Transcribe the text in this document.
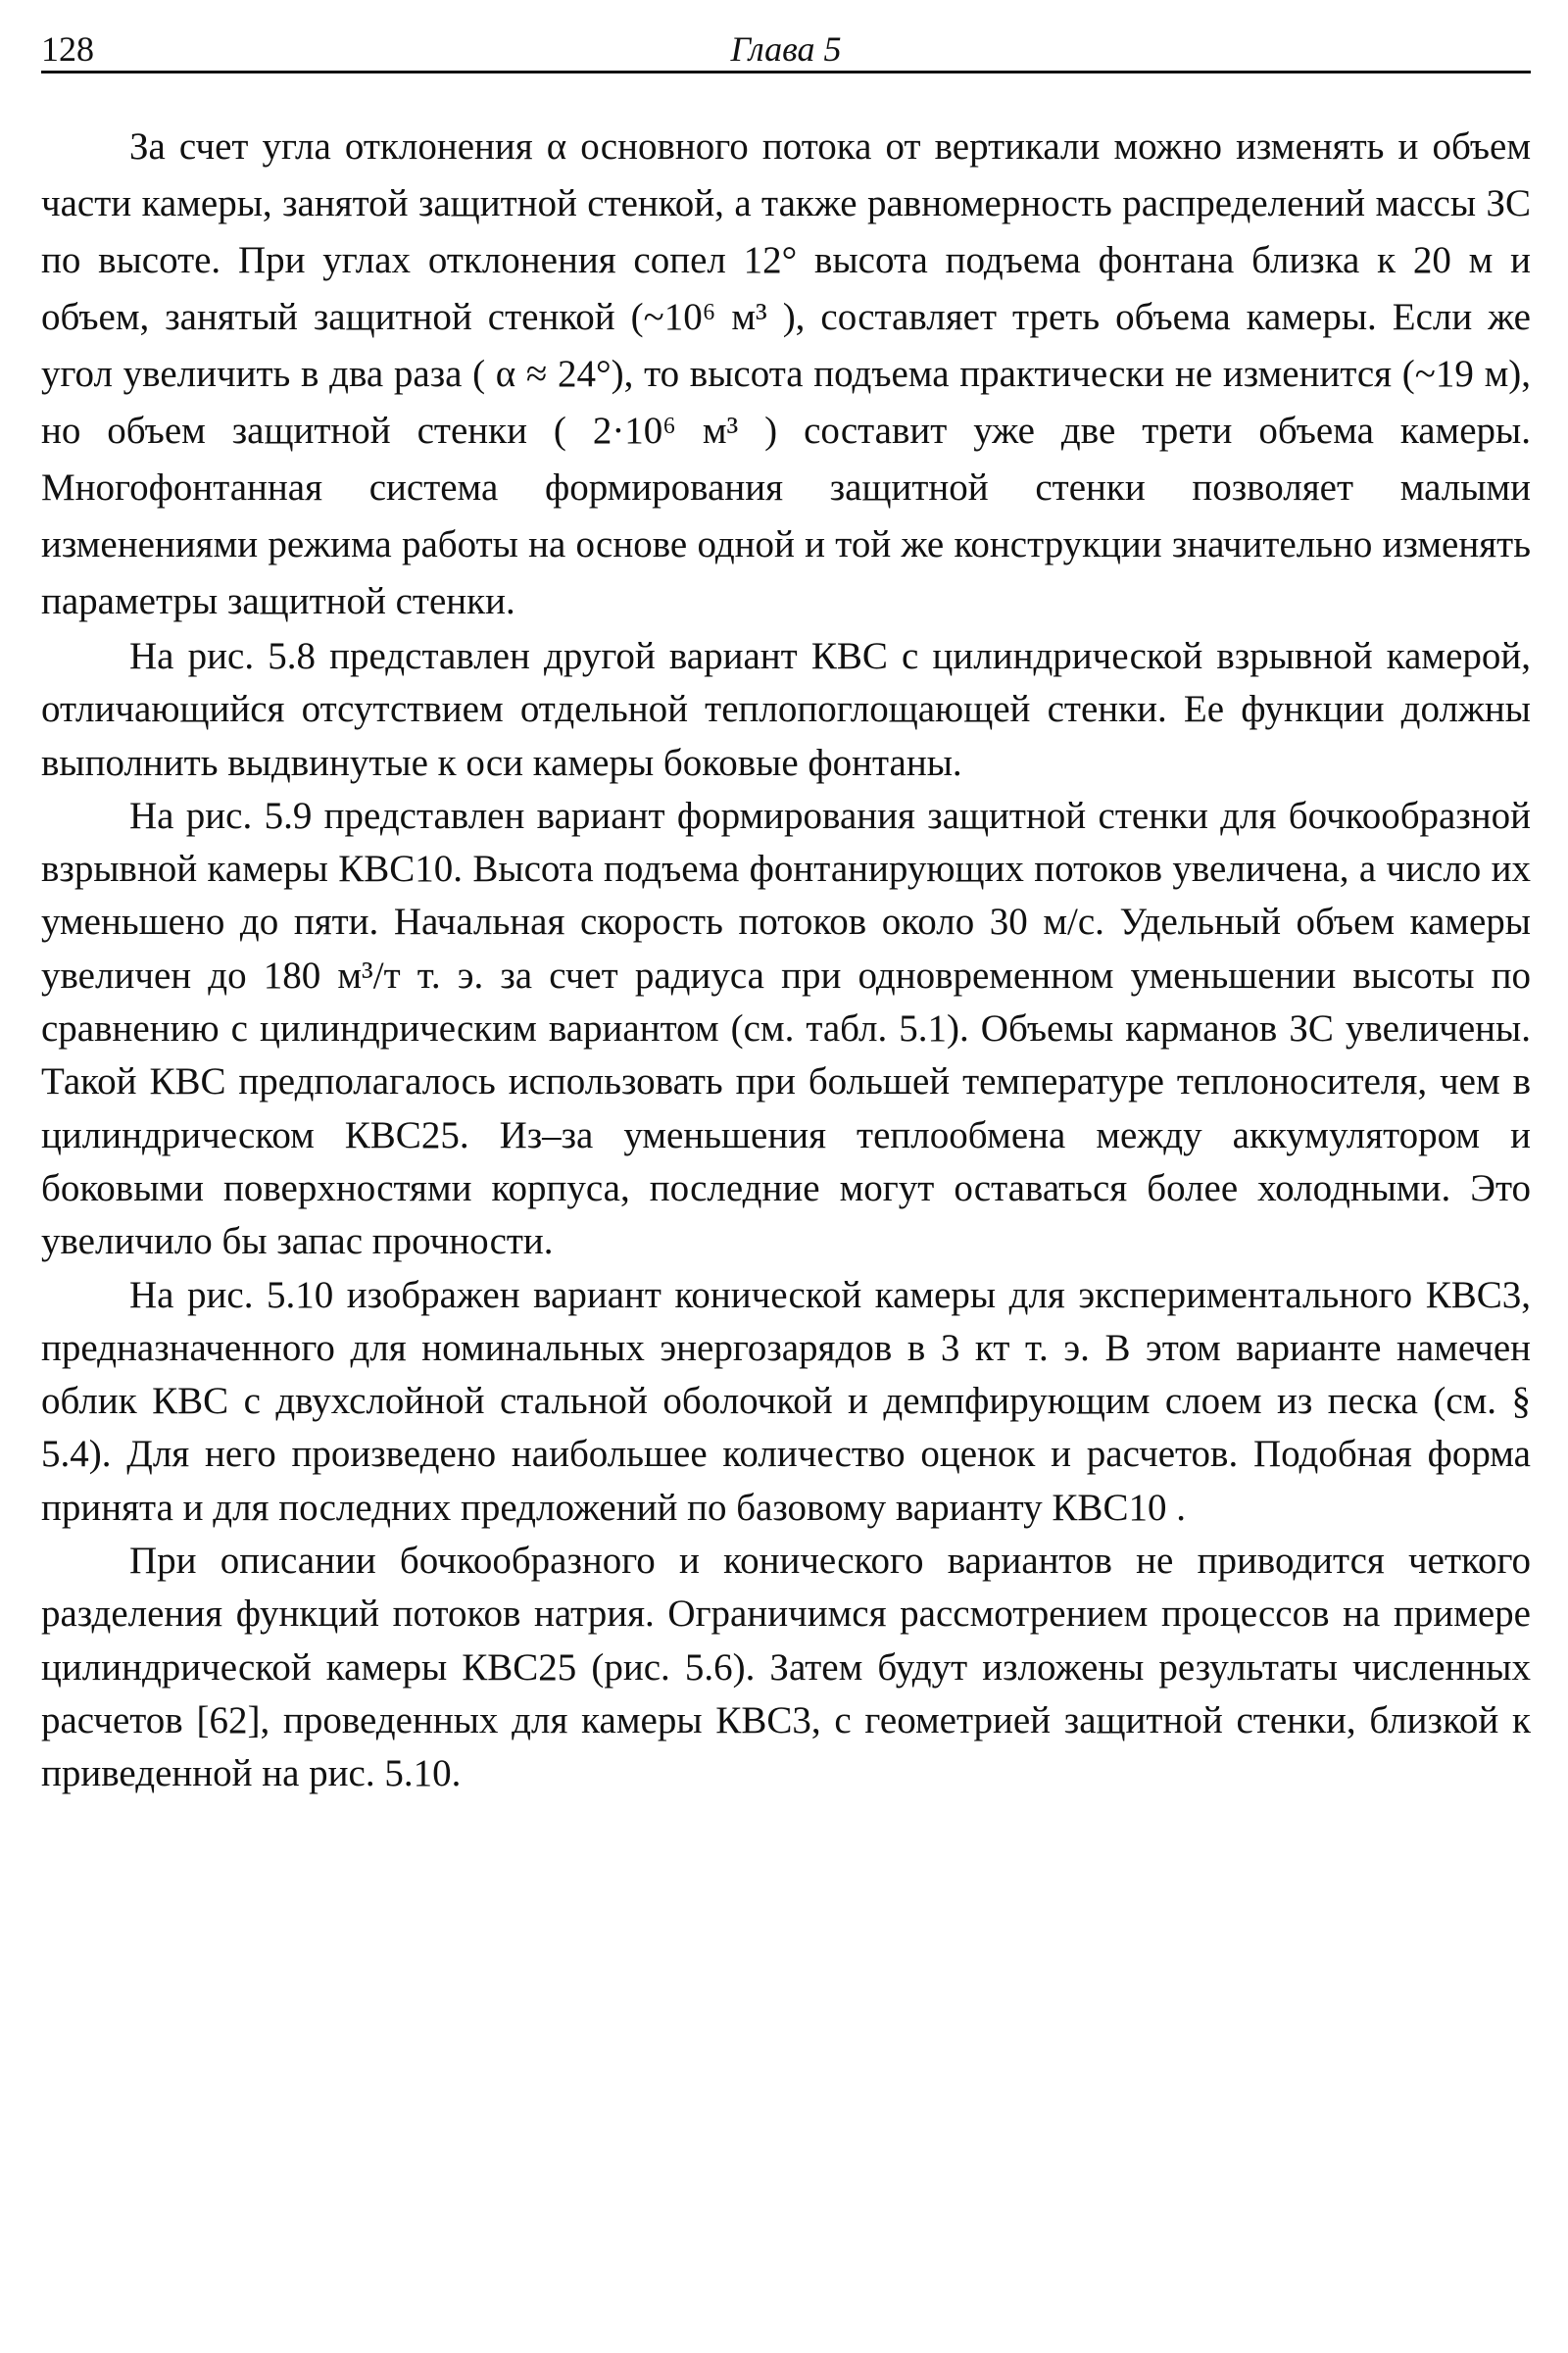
128	Глава 5

За счет угла отклонения α основного потока от вертикали можно изменять и объем части камеры, занятой защитной стенкой, а также равномерность распределений массы ЗС по высоте. При углах отклонения сопел 12° высота подъема фонтана близка к 20 м и объем, занятый защитной стенкой (~10⁶ м³ ), составляет треть объема камеры. Если же угол увеличить в два раза ( α ≈ 24°), то высота подъема практически не изменится (~19 м), но объем защитной стенки ( 2·10⁶ м³ ) составит уже две трети объема камеры. Многофонтанная система формирования защитной стенки позволяет малыми изменениями режима работы на основе одной и той же конструкции значительно изменять параметры защитной стенки.

На рис. 5.8 представлен другой вариант КВС с цилиндрической взрывной камерой, отличающийся отсутствием отдельной теплопоглощающей стенки. Ее функции должны выполнить выдвинутые к оси камеры боковые фонтаны.

На рис. 5.9 представлен вариант формирования защитной стенки для бочкообразной взрывной камеры КВС10. Высота подъема фонтанирующих потоков увеличена, а число их уменьшено до пяти. Начальная скорость потоков около 30 м/с. Удельный объем камеры увеличен до 180 м³/т т. э. за счет радиуса при одновременном уменьшении высоты по сравнению с цилиндрическим вариантом (см. табл. 5.1). Объемы карманов ЗС увеличены. Такой КВС предполагалось использовать при большей температуре теплоносителя, чем в цилиндрическом КВС25. Из–за уменьшения теплообмена между аккумулятором и боковыми поверхностями корпуса, последние могут оставаться более холодными. Это увеличило бы запас прочности.

На рис. 5.10 изображен вариант конической камеры для экспериментального КВС3, предназначенного для номинальных энергозарядов в 3 кт т. э. В этом варианте намечен облик КВС с двухслойной стальной оболочкой и демпфирующим слоем из песка (см. § 5.4). Для него произведено наибольшее количество оценок и расчетов. Подобная форма принята и для последних предложений по базовому варианту КВС10 .

При описании бочкообразного и конического вариантов не приводится четкого разделения функций потоков натрия. Ограничимся рассмотрением процессов на примере цилиндрической камеры КВС25 (рис. 5.6). Затем будут изложены результаты численных расчетов [62], проведенных для камеры КВС3, с геометрией защитной стенки, близкой к приведенной на рис. 5.10.
